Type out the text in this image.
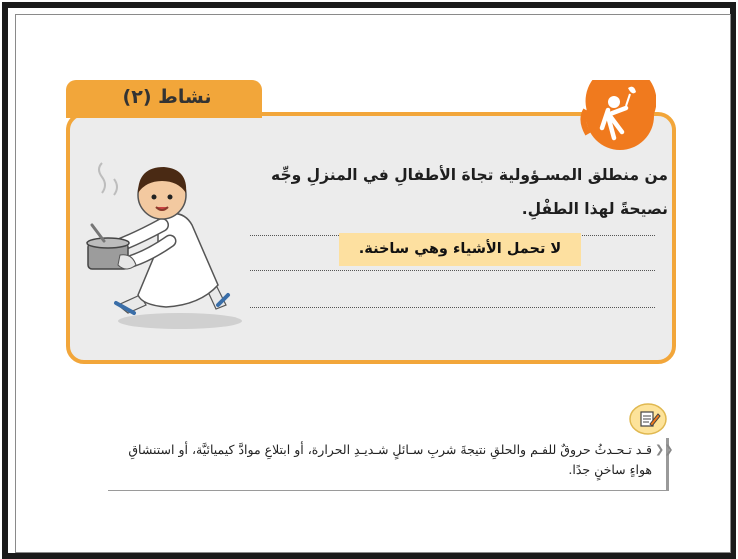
نشاط (٢)
من منطلق المسـؤولية تجاهَ الأطفالِ في المنزلِ وجِّه نصيحةً لهذا الطفْلِ.
لا تحمل الأشياء وهي ساخنة.
❯❯
قـد تـحـدثُ حروقٌ للفـم والحلقِ نتيجةَ شربِ سـائلٍ شـديـدِ الحرارة، أو ابتلاعِ موادَّ كيميائيَّة، أو استنشاقِ هواءٍ ساخنٍ جدًا.
